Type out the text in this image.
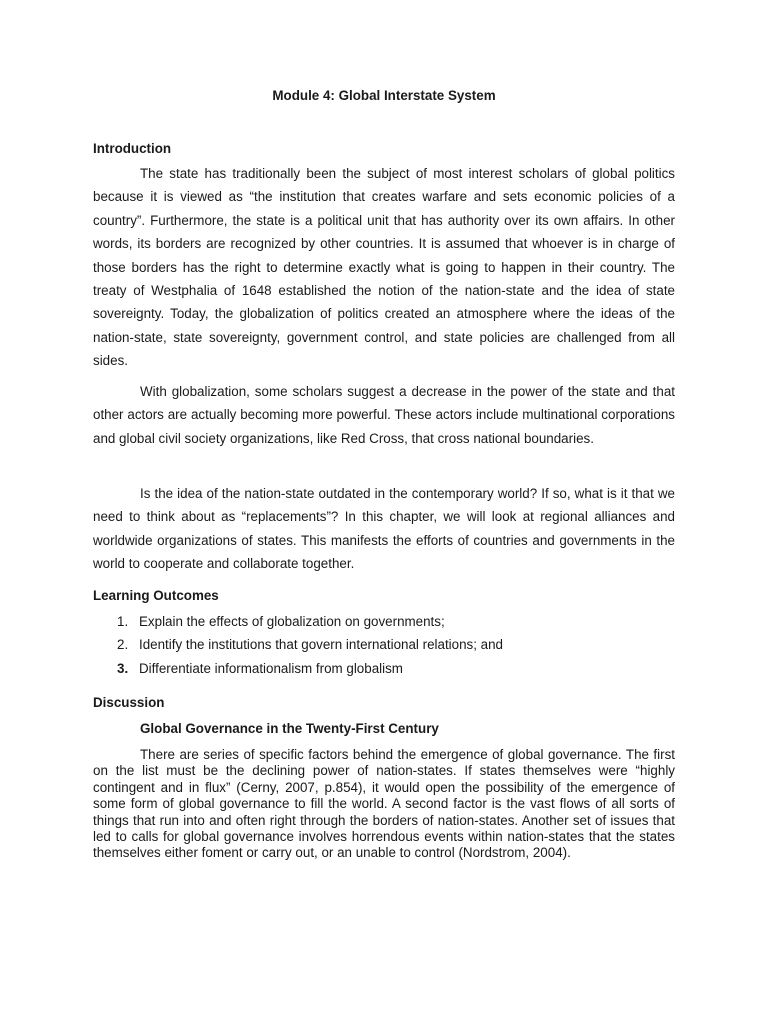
Module 4: Global Interstate System
Introduction

The state has traditionally been the subject of most interest scholars of global politics because it is viewed as “the institution that creates warfare and sets economic policies of a country”. Furthermore, the state is a political unit that has authority over its own affairs. In other words, its borders are recognized by other countries. It is assumed that whoever is in charge of those borders has the right to determine exactly what is going to happen in their country. The treaty of Westphalia of 1648 established the notion of the nation-state and the idea of state sovereignty. Today, the globalization of politics created an atmosphere where the ideas of the nation-state, state sovereignty, government control, and state policies are challenged from all sides.

With globalization, some scholars suggest a decrease in the power of the state and that other actors are actually becoming more powerful. These actors include multinational corporations and global civil society organizations, like Red Cross, that cross national boundaries.

Is the idea of the nation-state outdated in the contemporary world? If so, what is it that we need to think about as “replacements”? In this chapter, we will look at regional alliances and worldwide organizations of states. This manifests the efforts of countries and governments in the world to cooperate and collaborate together.

Learning Outcomes
1. Explain the effects of globalization on governments;
2. Identify the institutions that govern international relations; and
3. Differentiate informationalism from globalism
Discussion
Global Governance in the Twenty-First Century

There are series of specific factors behind the emergence of global governance. The first on the list must be the declining power of nation-states. If states themselves were “highly contingent and in flux” (Cerny, 2007, p.854), it would open the possibility of the emergence of some form of global governance to fill the world. A second factor is the vast flows of all sorts of things that run into and often right through the borders of nation-states. Another set of issues that led to calls for global governance involves horrendous events within nation-states that the states themselves either foment or carry out, or an unable to control (Nordstrom, 2004).
